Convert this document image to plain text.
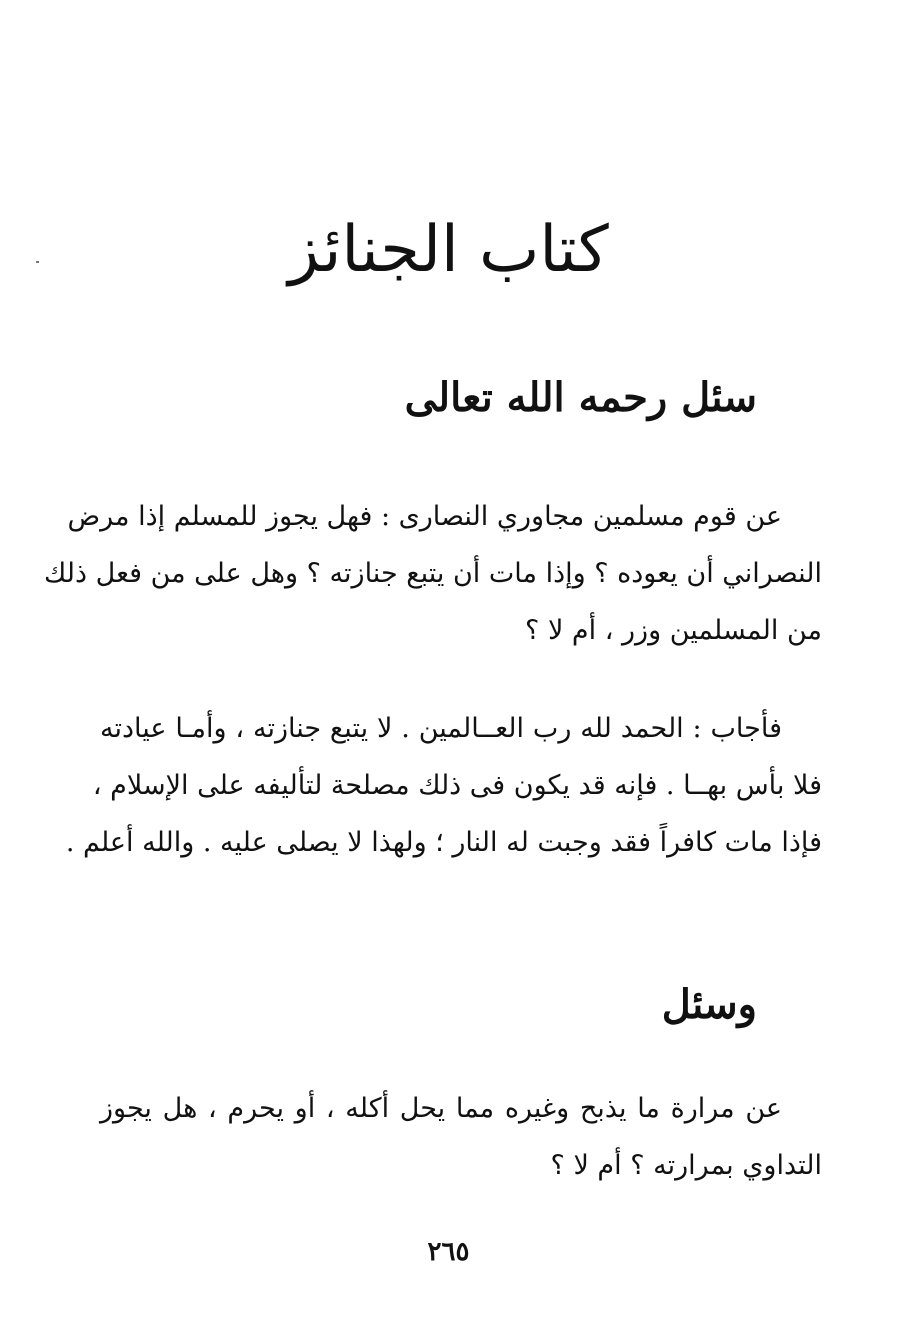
كتاب الجنائز
سئل رحمه الله تعالى

عن قوم مسلمين مجاوري النصارى : فهل يجوز للمسلم إذا مرض
النصراني أن يعوده ؟ وإذا مات أن يتبع جنازته ؟ وهل على من فعل ذلك
من المسلمين وزر ، أم لا ؟

فأجاب : الحمد لله رب العــالمين . لا يتبع جنازته ، وأمـا عيادته
فلا بأس بهــا . فإنه قد يكون فى ذلك مصلحة لتأليفه على الإسلام ،
فإذا مات كافراً فقد وجبت له النار ؛ ولهذا لا يصلى عليه . والله أعلم .

وسئل

عن مرارة ما يذبح وغيره مما يحل أكله ، أو يحرم ، هل يجوز
التداوي بمرارته ؟ أم لا ؟

٢٦٥
